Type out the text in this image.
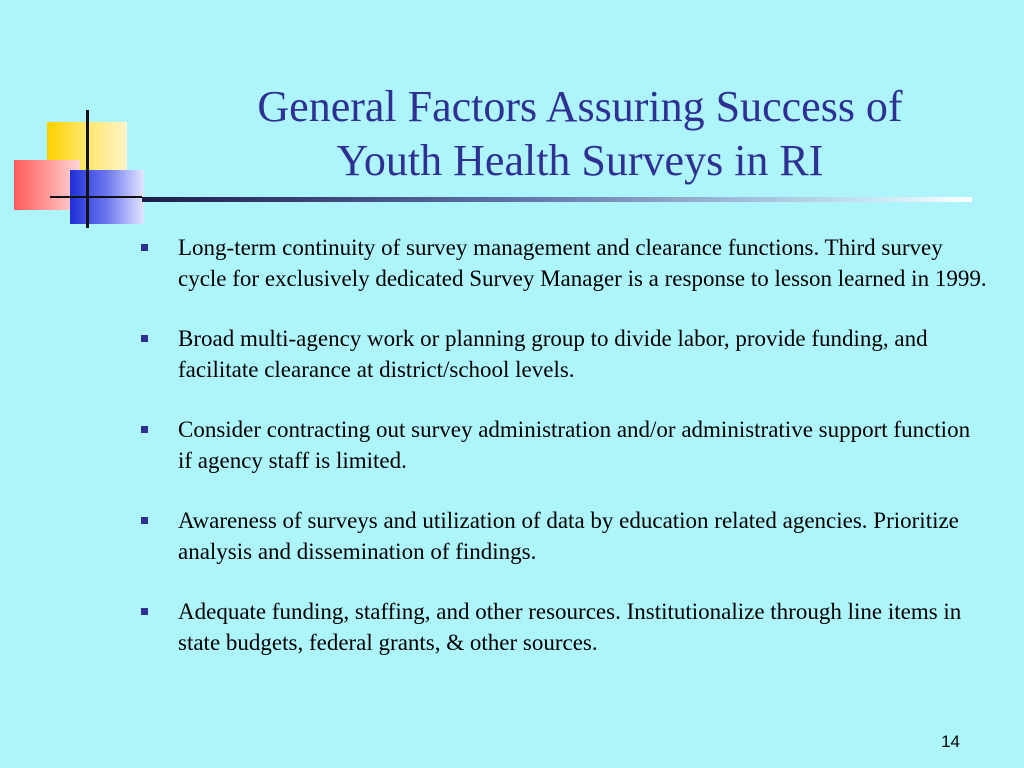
General Factors Assuring Success of
Youth Health Surveys in RI
Long-term continuity of survey management and clearance functions. Third survey cycle for exclusively dedicated Survey Manager is a response to lesson learned in 1999.
Broad multi-agency work or planning group to divide labor, provide funding, and facilitate clearance at district/school levels.
Consider contracting out survey administration and/or administrative support function if agency staff is limited.
Awareness of surveys and utilization of data by education related agencies. Prioritize analysis and dissemination of findings.
Adequate funding, staffing, and other resources. Institutionalize through line items in state budgets, federal grants, & other sources.
14
